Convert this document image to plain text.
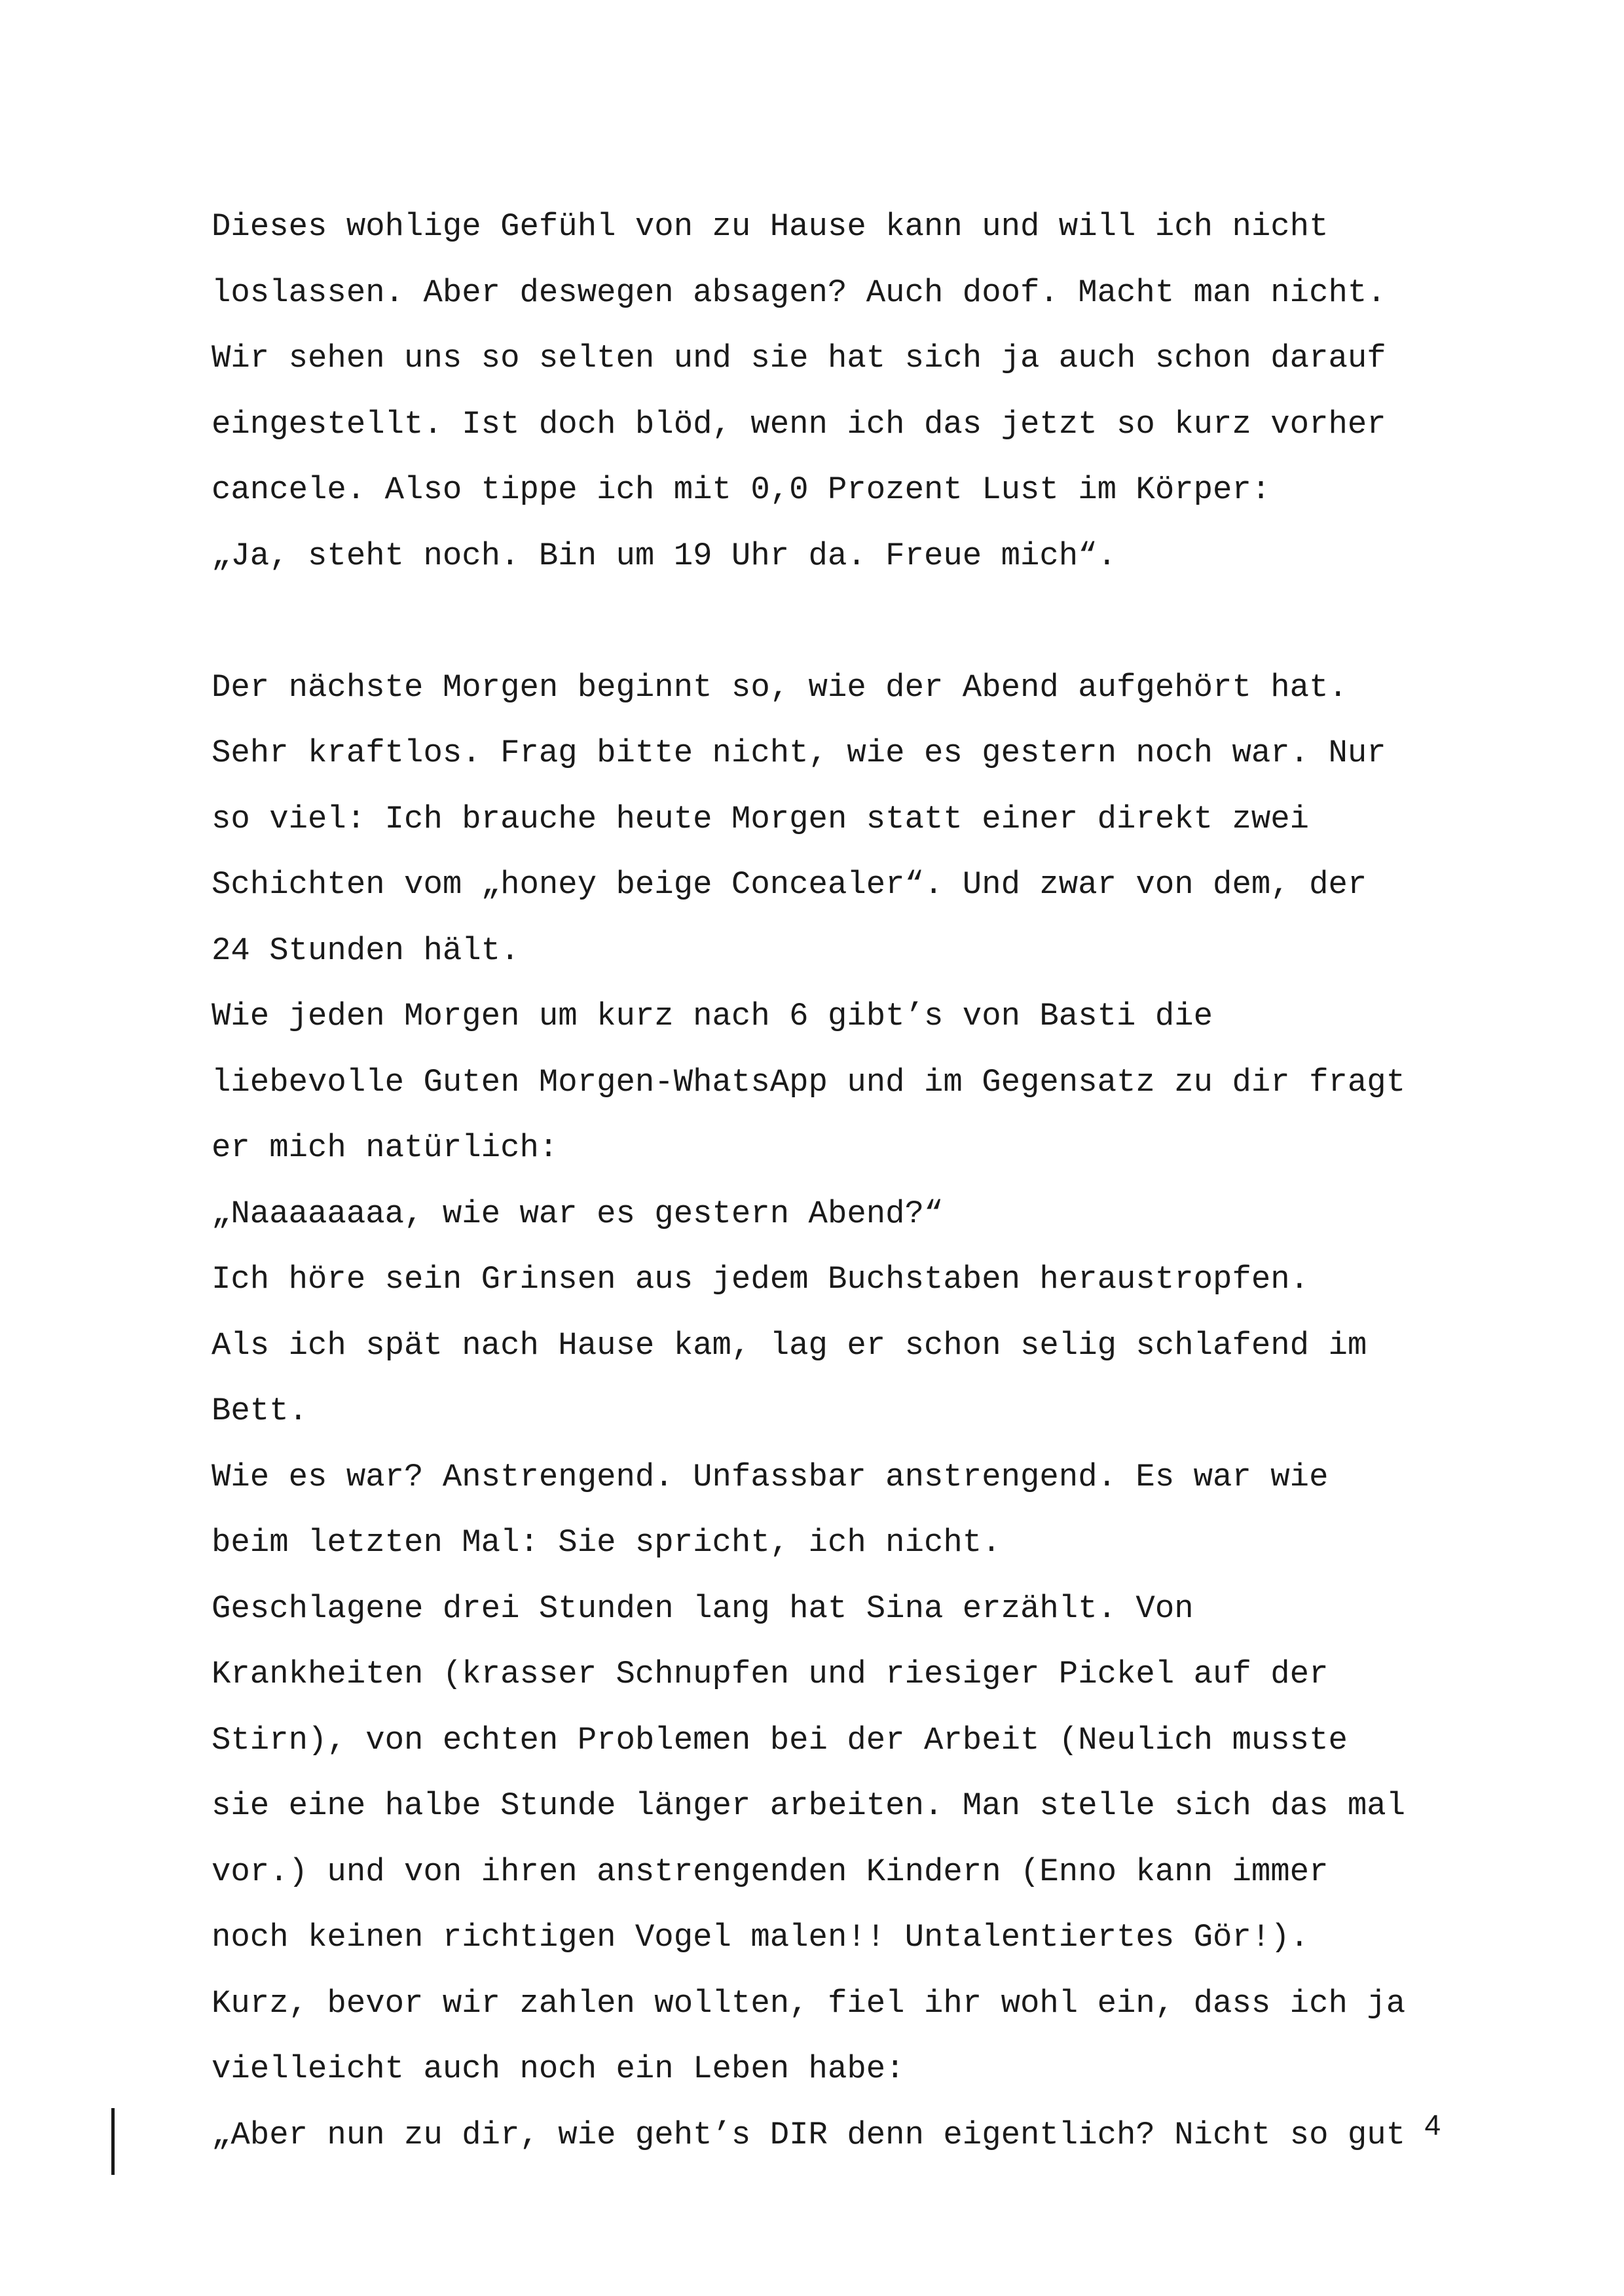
Dieses wohlige Gefühl von zu Hause kann und will ich nicht
loslassen. Aber deswegen absagen? Auch doof. Macht man nicht.
Wir sehen uns so selten und sie hat sich ja auch schon darauf
eingestellt. Ist doch blöd, wenn ich das jetzt so kurz vorher
cancele. Also tippe ich mit 0,0 Prozent Lust im Körper:
„Ja, steht noch. Bin um 19 Uhr da. Freue mich“.
Der nächste Morgen beginnt so, wie der Abend aufgehört hat.
Sehr kraftlos. Frag bitte nicht, wie es gestern noch war. Nur
so viel: Ich brauche heute Morgen statt einer direkt zwei
Schichten vom „honey beige Concealer“. Und zwar von dem, der
24 Stunden hält.
Wie jeden Morgen um kurz nach 6 gibt’s von Basti die
liebevolle Guten Morgen-WhatsApp und im Gegensatz zu dir fragt
er mich natürlich:
„Naaaaaaaa, wie war es gestern Abend?“
Ich höre sein Grinsen aus jedem Buchstaben heraustropfen.
Als ich spät nach Hause kam, lag er schon selig schlafend im
Bett.
Wie es war? Anstrengend. Unfassbar anstrengend. Es war wie
beim letzten Mal: Sie spricht, ich nicht.
Geschlagene drei Stunden lang hat Sina erzählt. Von
Krankheiten (krasser Schnupfen und riesiger Pickel auf der
Stirn), von echten Problemen bei der Arbeit (Neulich musste
sie eine halbe Stunde länger arbeiten. Man stelle sich das mal
vor.) und von ihren anstrengenden Kindern (Enno kann immer
noch keinen richtigen Vogel malen!! Untalentiertes Gör!).
Kurz, bevor wir zahlen wollten, fiel ihr wohl ein, dass ich ja
vielleicht auch noch ein Leben habe:
„Aber nun zu dir, wie geht’s DIR denn eigentlich? Nicht so gut 4
